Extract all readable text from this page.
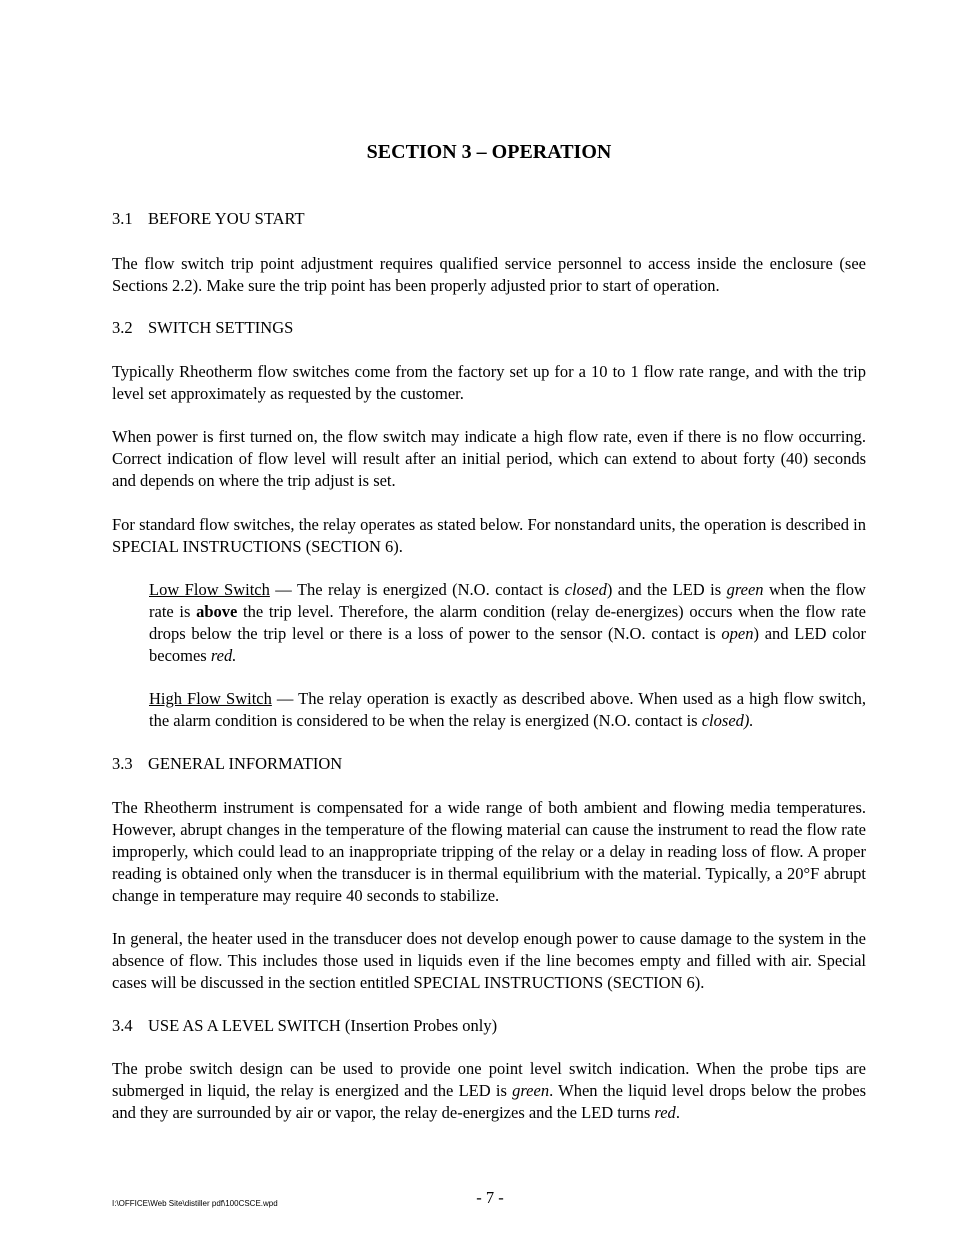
SECTION 3 – OPERATION
3.1 BEFORE YOU START
The flow switch trip point adjustment requires qualified service personnel to access inside the enclosure (see Sections 2.2). Make sure the trip point has been properly adjusted prior to start of operation.
3.2 SWITCH SETTINGS
Typically Rheotherm flow switches come from the factory set up for a 10 to 1 flow rate range, and with the trip level set approximately as requested by the customer.
When power is first turned on, the flow switch may indicate a high flow rate, even if there is no flow occurring. Correct indication of flow level will result after an initial period, which can extend to about forty (40) seconds and depends on where the trip adjust is set.
For standard flow switches, the relay operates as stated below. For nonstandard units, the operation is described in SPECIAL INSTRUCTIONS (SECTION 6).
Low Flow Switch — The relay is energized (N.O. contact is closed) and the LED is green when the flow rate is above the trip level. Therefore, the alarm condition (relay de-energizes) occurs when the flow rate drops below the trip level or there is a loss of power to the sensor (N.O. contact is open) and LED color becomes red.
High Flow Switch — The relay operation is exactly as described above. When used as a high flow switch, the alarm condition is considered to be when the relay is energized (N.O. contact is closed).
3.3 GENERAL INFORMATION
The Rheotherm instrument is compensated for a wide range of both ambient and flowing media temperatures. However, abrupt changes in the temperature of the flowing material can cause the instrument to read the flow rate improperly, which could lead to an inappropriate tripping of the relay or a delay in reading loss of flow. A proper reading is obtained only when the transducer is in thermal equilibrium with the material. Typically, a 20°F abrupt change in temperature may require 40 seconds to stabilize.
In general, the heater used in the transducer does not develop enough power to cause damage to the system in the absence of flow. This includes those used in liquids even if the line becomes empty and filled with air. Special cases will be discussed in the section entitled SPECIAL INSTRUCTIONS (SECTION 6).
3.4 USE AS A LEVEL SWITCH (Insertion Probes only)
The probe switch design can be used to provide one point level switch indication. When the probe tips are submerged in liquid, the relay is energized and the LED is green. When the liquid level drops below the probes and they are surrounded by air or vapor, the relay de-energizes and the LED turns red.
I:\OFFICE\Web Site\distiller pdf\100CSCE.wpd	- 7 -
